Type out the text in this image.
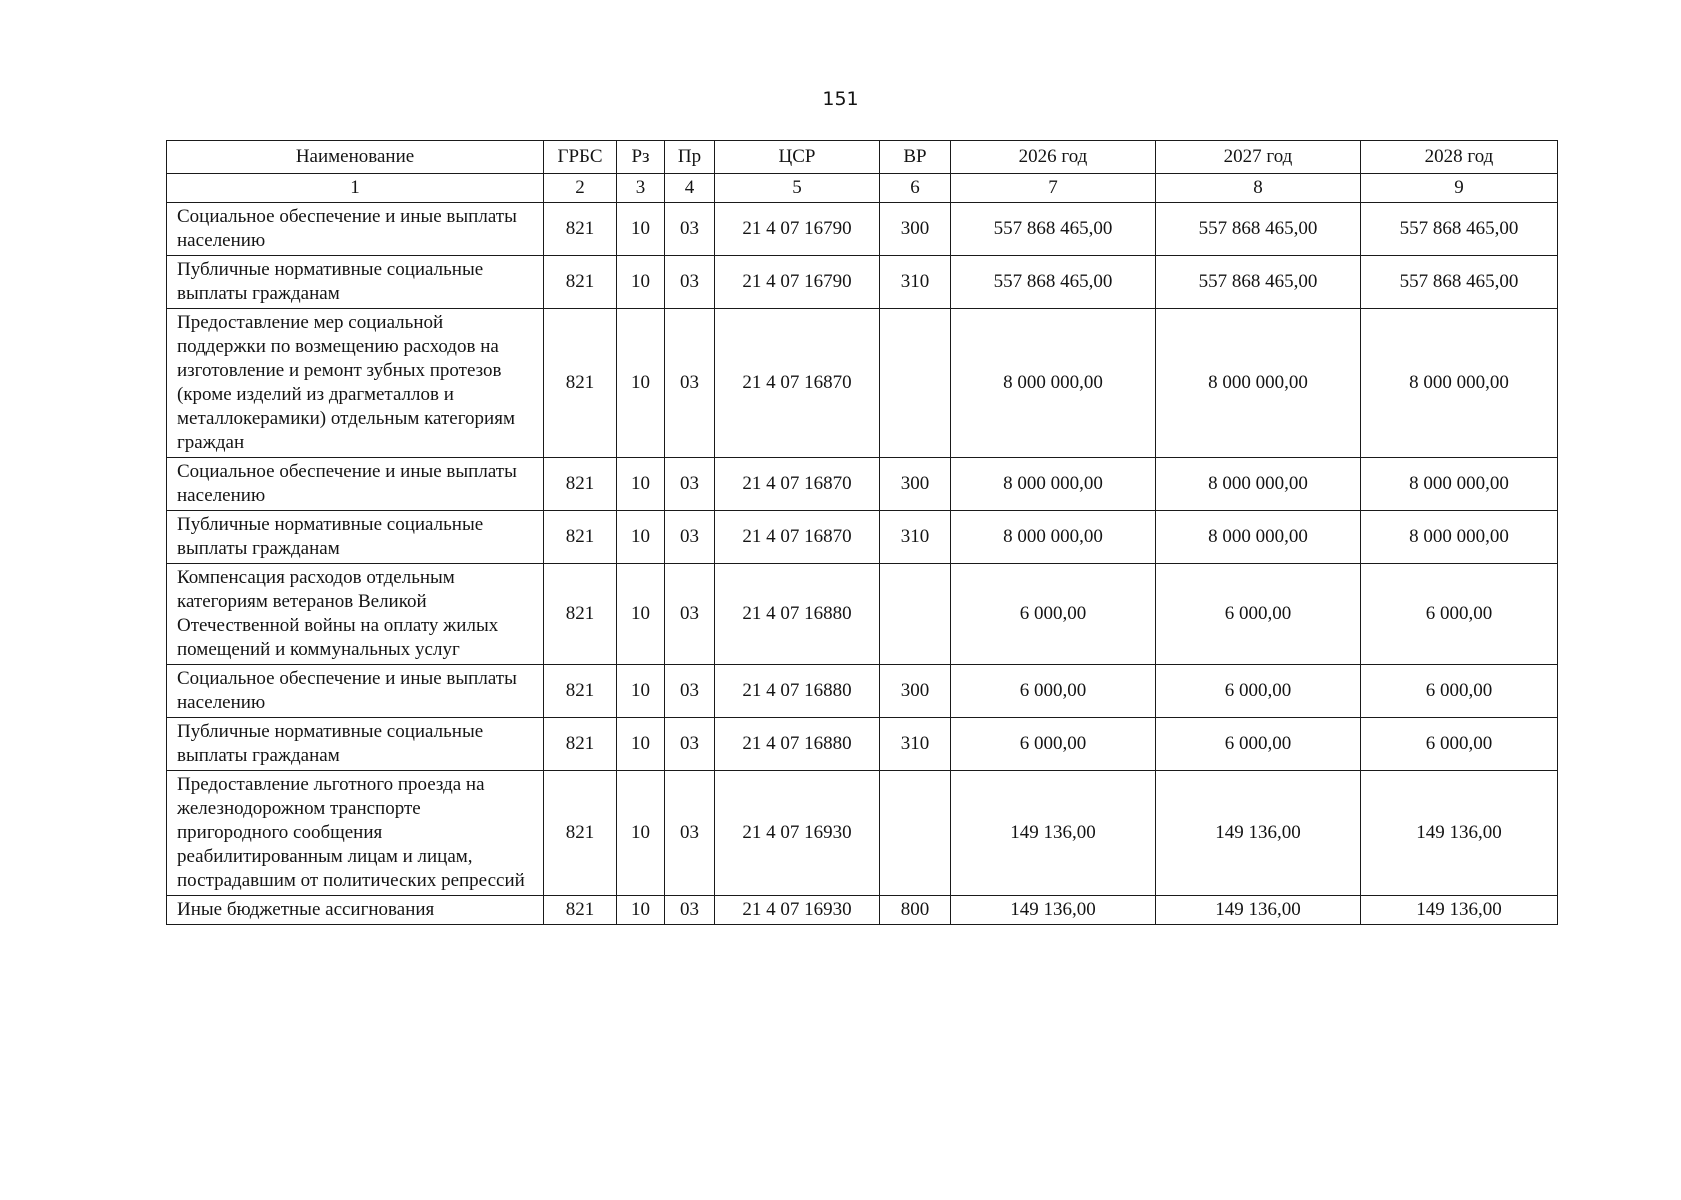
151
Наименование	ГРБС	Рз	Пр	ЦСР	ВР	2026 год	2027 год	2028 год
1	2	3	4	5	6	7	8	9
Социальное обеспечение и иные выплаты населению	821	10	03	21 4 07 16790	300	557 868 465,00	557 868 465,00	557 868 465,00
Публичные нормативные социальные выплаты гражданам	821	10	03	21 4 07 16790	310	557 868 465,00	557 868 465,00	557 868 465,00
Предоставление мер социальной поддержки по возмещению расходов на изготовление и ремонт зубных протезов (кроме изделий из драгметаллов и металлокерамики) отдельным категориям граждан	821	10	03	21 4 07 16870		8 000 000,00	8 000 000,00	8 000 000,00
Социальное обеспечение и иные выплаты населению	821	10	03	21 4 07 16870	300	8 000 000,00	8 000 000,00	8 000 000,00
Публичные нормативные социальные выплаты гражданам	821	10	03	21 4 07 16870	310	8 000 000,00	8 000 000,00	8 000 000,00
Компенсация расходов отдельным категориям ветеранов Великой Отечественной войны на оплату жилых помещений и коммунальных услуг	821	10	03	21 4 07 16880		6 000,00	6 000,00	6 000,00
Социальное обеспечение и иные выплаты населению	821	10	03	21 4 07 16880	300	6 000,00	6 000,00	6 000,00
Публичные нормативные социальные выплаты гражданам	821	10	03	21 4 07 16880	310	6 000,00	6 000,00	6 000,00
Предоставление льготного проезда на железнодорожном транспорте пригородного сообщения реабилитированным лицам и лицам, пострадавшим от политических репрессий	821	10	03	21 4 07 16930		149 136,00	149 136,00	149 136,00
Иные бюджетные ассигнования	821	10	03	21 4 07 16930	800	149 136,00	149 136,00	149 136,00
